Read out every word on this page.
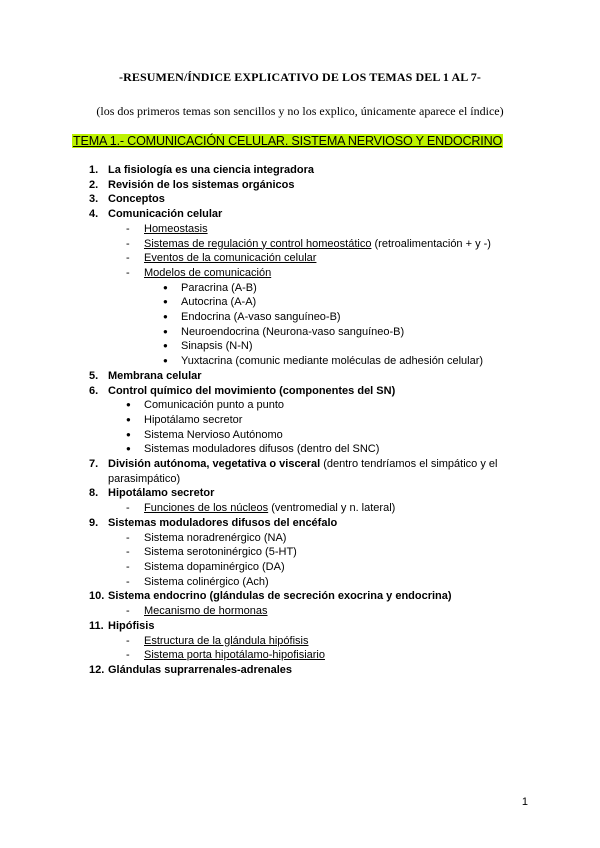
-RESUMEN/ÍNDICE EXPLICATIVO DE LOS TEMAS DEL 1 AL 7-
(los dos primeros temas son sencillos y no los explico, únicamente aparece el índice)
TEMA 1.- COMUNICACIÓN CELULAR. SISTEMA NERVIOSO Y ENDOCRINO
1. La fisiología es una ciencia integradora
2. Revisión de los sistemas orgánicos
3. Conceptos
4. Comunicación celular
- Homeostasis
- Sistemas de regulación y control homeostático (retroalimentación + y -)
- Eventos de la comunicación celular
- Modelos de comunicación
● Paracrina (A-B)
● Autocrina (A-A)
● Endocrina (A-vaso sanguíneo-B)
● Neuroendocrina (Neurona-vaso sanguíneo-B)
● Sinapsis (N-N)
● Yuxtacrina (comunic mediante moléculas de adhesión celular)
5. Membrana celular
6. Control químico del movimiento (componentes del SN)
● Comunicación punto a punto
● Hipotálamo secretor
● Sistema Nervioso Autónomo
● Sistemas moduladores difusos (dentro del SNC)
7. División autónoma, vegetativa o visceral (dentro tendríamos el simpático y el
parasimpático)
8. Hipotálamo secretor
- Funciones de los núcleos (ventromedial y n. lateral)
9. Sistemas moduladores difusos del encéfalo
- Sistema noradrenérgico (NA)
- Sistema serotoninérgico (5-HT)
- Sistema dopaminérgico (DA)
- Sistema colinérgico (Ach)
10. Sistema endocrino (glándulas de secreción exocrina y endocrina)
- Mecanismo de hormonas
11. Hipófisis
- Estructura de la glándula hipófisis
- Sistema porta hipotálamo-hipofisiario
12. Glándulas suprarrenales-adrenales
1
